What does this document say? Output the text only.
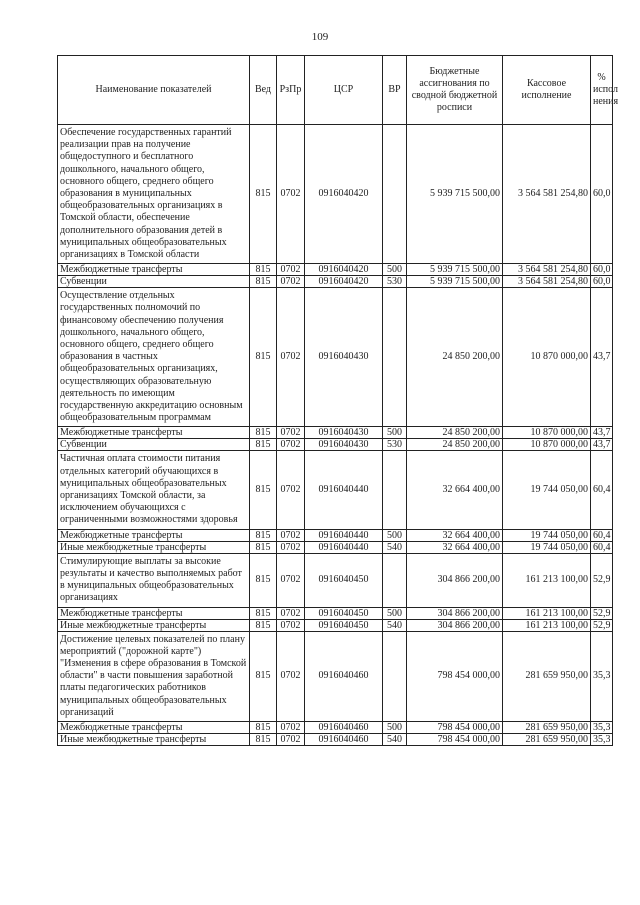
109
Наименование показателей	Вед	РзПр	ЦСР	ВР	Бюджетные ассигнования по сводной бюджетной росписи	Кассовое исполнение	% испол нения
Обеспечение государственных гарантий реализации прав на получение общедоступного и бесплатного дошкольного, начального общего, основного общего, среднего общего образования в муниципальных общеобразовательных организациях в Томской области, обеспечение дополнительного образования детей в муниципальных общеобразовательных организациях в Томской области	815	0702	0916040420		5 939 715 500,00	3 564 581 254,80	60,0
Межбюджетные трансферты	815	0702	0916040420	500	5 939 715 500,00	3 564 581 254,80	60,0
Субвенции	815	0702	0916040420	530	5 939 715 500,00	3 564 581 254,80	60,0
Осуществление отдельных государственных полномочий по финансовому обеспечению получения дошкольного, начального общего, основного общего, среднего общего образования в частных общеобразовательных организациях, осуществляющих образовательную деятельность по имеющим государственную аккредитацию основным общеобразовательным программам	815	0702	0916040430		24 850 200,00	10 870 000,00	43,7
Межбюджетные трансферты	815	0702	0916040430	500	24 850 200,00	10 870 000,00	43,7
Субвенции	815	0702	0916040430	530	24 850 200,00	10 870 000,00	43,7
Частичная оплата стоимости питания отдельных категорий обучающихся в муниципальных общеобразовательных организациях Томской области, за исключением обучающихся с ограниченными возможностями здоровья	815	0702	0916040440		32 664 400,00	19 744 050,00	60,4
Межбюджетные трансферты	815	0702	0916040440	500	32 664 400,00	19 744 050,00	60,4
Иные межбюджетные трансферты	815	0702	0916040440	540	32 664 400,00	19 744 050,00	60,4
Стимулирующие выплаты за высокие результаты и качество выполняемых работ в муниципальных общеобразовательных организациях	815	0702	0916040450		304 866 200,00	161 213 100,00	52,9
Межбюджетные трансферты	815	0702	0916040450	500	304 866 200,00	161 213 100,00	52,9
Иные межбюджетные трансферты	815	0702	0916040450	540	304 866 200,00	161 213 100,00	52,9
Достижение целевых показателей по плану мероприятий ("дорожной карте") "Изменения в сфере образования в Томской области" в части повышения заработной платы педагогических работников муниципальных общеобразовательных организаций	815	0702	0916040460		798 454 000,00	281 659 950,00	35,3
Межбюджетные трансферты	815	0702	0916040460	500	798 454 000,00	281 659 950,00	35,3
Иные межбюджетные трансферты	815	0702	0916040460	540	798 454 000,00	281 659 950,00	35,3
